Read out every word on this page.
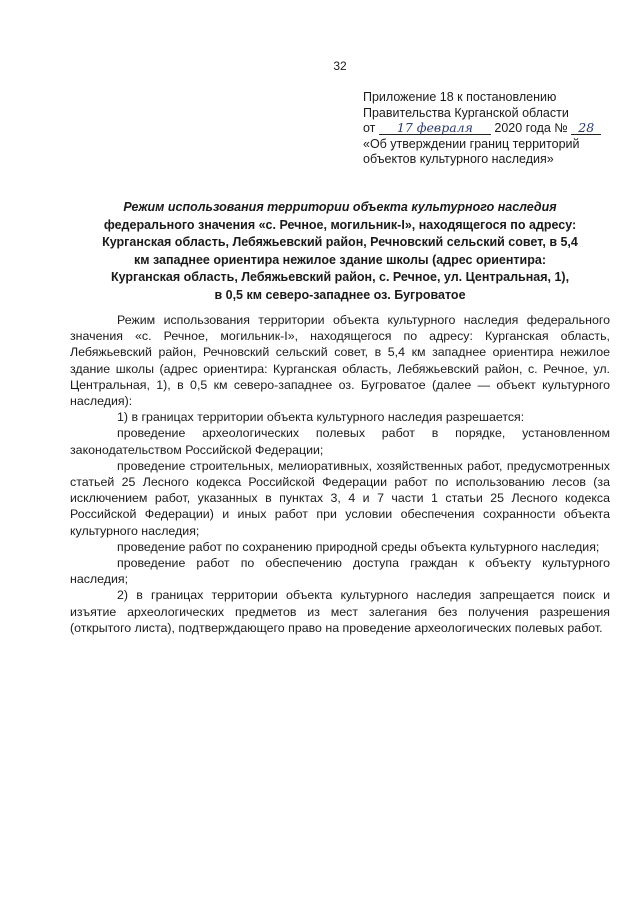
32
Приложение 18 к постановлению
Правительства Курганской области
от 17 февраля 2020 года № 28
«Об утверждении границ территорий
объектов культурного наследия»
Режим использования территории объекта культурного наследия
федерального значения «с. Речное, могильник-I», находящегося по адресу:
Курганская область, Лебяжьевский район, Речновский сельский совет, в 5,4
км западнее ориентира нежилое здание школы (адрес ориентира:
Курганская область, Лебяжьевский район, с. Речное, ул. Центральная, 1),
в 0,5 км северо-западнее оз. Бугроватое

Режим использования территории объекта культурного наследия федерального значения «с. Речное, могильник-I», находящегося по адресу: Курганская область, Лебяжьевский район, Речновский сельский совет, в 5,4 км западнее ориентира нежилое здание школы (адрес ориентира: Курганская область, Лебяжьевский район, с. Речное, ул. Центральная, 1), в 0,5 км северо-западнее оз. Бугроватое (далее — объект культурного наследия):

1) в границах территории объекта культурного наследия разрешается:

проведение археологических полевых работ в порядке, установленном законодательством Российской Федерации;

проведение строительных, мелиоративных, хозяйственных работ, предусмотренных статьей 25 Лесного кодекса Российской Федерации работ по использованию лесов (за исключением работ, указанных в пунктах 3, 4 и 7 части 1 статьи 25 Лесного кодекса Российской Федерации) и иных работ при условии обеспечения сохранности объекта культурного наследия;

проведение работ по сохранению природной среды объекта культурного наследия;

проведение работ по обеспечению доступа граждан к объекту культурного наследия;

2) в границах территории объекта культурного наследия запрещается поиск и изъятие археологических предметов из мест залегания без получения разрешения (открытого листа), подтверждающего право на проведение археологических полевых работ.
